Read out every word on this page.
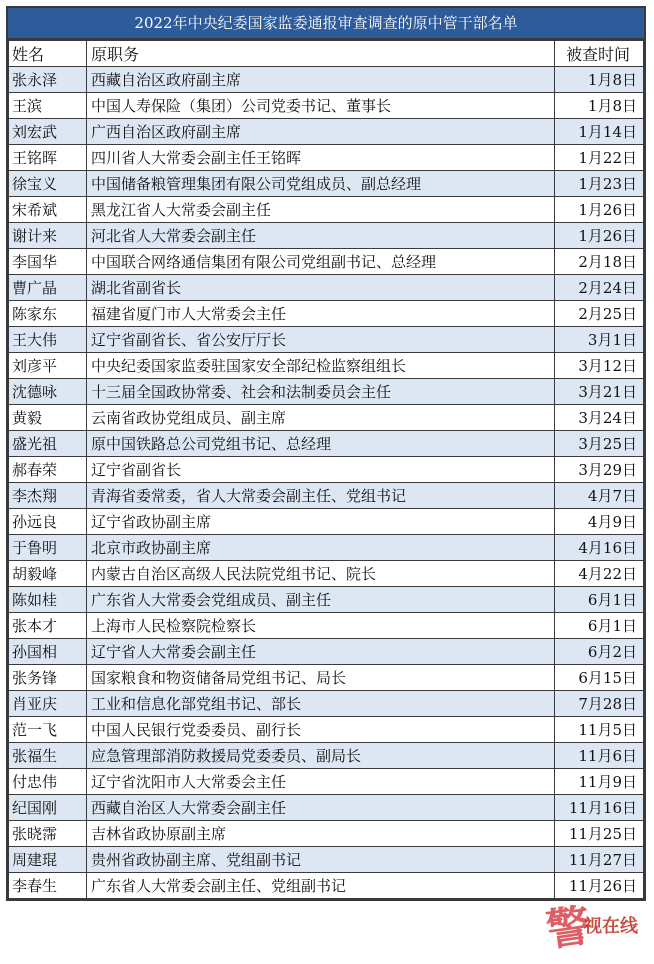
2022年中央纪委国家监委通报审查调查的原中管干部名单
姓名	原职务	被查时间
张永泽	西藏自治区政府副主席	1月8日
王滨	中国人寿保险（集团）公司党委书记、董事长	1月8日
刘宏武	广西自治区政府副主席	1月14日
王铭晖	四川省人大常委会副主任王铭晖	1月22日
徐宝义	中国储备粮管理集团有限公司党组成员、副总经理	1月23日
宋希斌	黑龙江省人大常委会副主任	1月26日
谢计来	河北省人大常委会副主任	1月26日
李国华	中国联合网络通信集团有限公司党组副书记、总经理	2月18日
曹广晶	湖北省副省长	2月24日
陈家东	福建省厦门市人大常委会主任	2月25日
王大伟	辽宁省副省长、省公安厅厅长	3月1日
刘彦平	中央纪委国家监委驻国家安全部纪检监察组组长	3月12日
沈德咏	十三届全国政协常委、社会和法制委员会主任	3月21日
黄毅	云南省政协党组成员、副主席	3月24日
盛光祖	原中国铁路总公司党组书记、总经理	3月25日
郝春荣	辽宁省副省长	3月29日
李杰翔	青海省委常委，省人大常委会副主任、党组书记	4月7日
孙远良	辽宁省政协副主席	4月9日
于鲁明	北京市政协副主席	4月16日
胡毅峰	内蒙古自治区高级人民法院党组书记、院长	4月22日
陈如桂	广东省人大常委会党组成员、副主任	6月1日
张本才	上海市人民检察院检察长	6月1日
孙国相	辽宁省人大常委会副主任	6月2日
张务锋	国家粮食和物资储备局党组书记、局长	6月15日
肖亚庆	工业和信息化部党组书记、部长	7月28日
范一飞	中国人民银行党委委员、副行长	11月5日
张福生	应急管理部消防救援局党委委员、副局长	11月6日
付忠伟	辽宁省沈阳市人大常委会主任	11月9日
纪国刚	西藏自治区人大常委会副主任	11月16日
张晓霈	吉林省政协原副主席	11月25日
周建琨	贵州省政协副主席、党组副书记	11月27日
李春生	广东省人大常委会副主任、党组副书记	11月26日
警
视在线
